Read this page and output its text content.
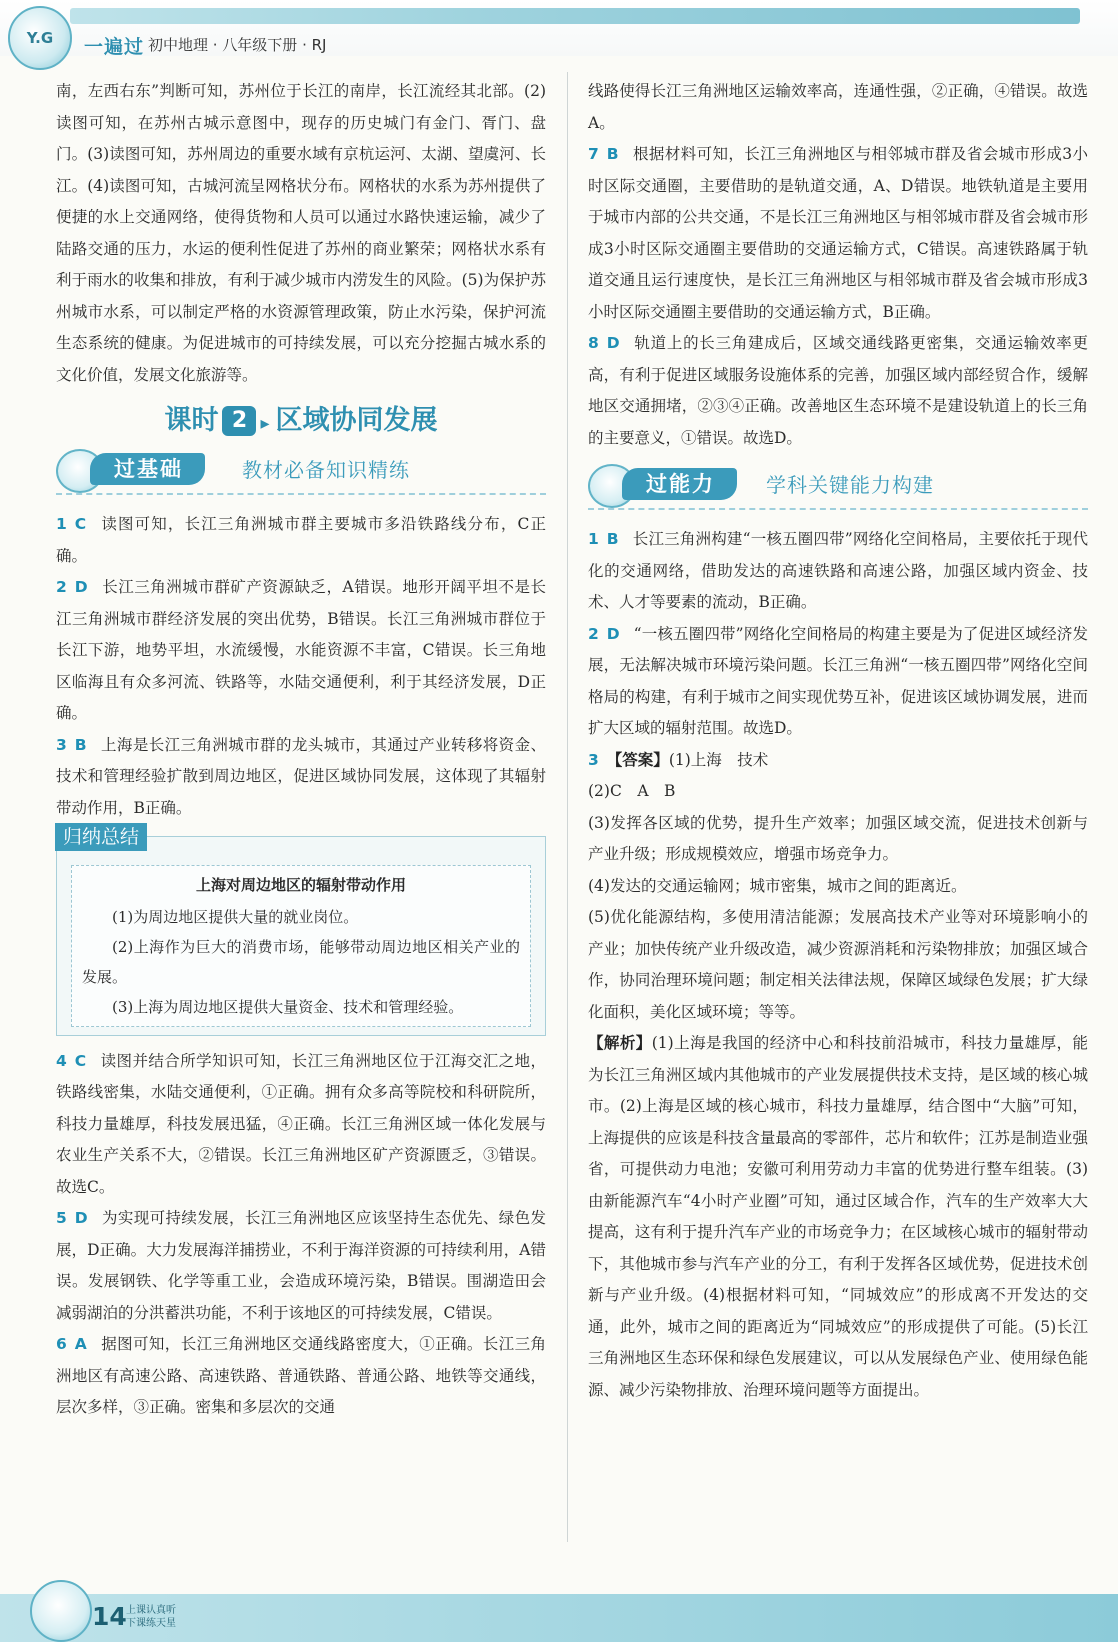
Y.G 一遍过 初中地理 · 八年级下册 · RJ

南，左西右东”判断可知，苏州位于长江的南岸，长江流经其北部。(2)读图可知，在苏州古城示意图中，现存的历史城门有金门、胥门、盘门。(3)读图可知，苏州周边的重要水域有京杭运河、太湖、望虞河、长江。(4)读图可知，古城河流呈网格状分布。网格状的水系为苏州提供了便捷的水上交通网络，使得货物和人员可以通过水路快速运输，减少了陆路交通的压力，水运的便利性促进了苏州的商业繁荣；网格状水系有利于雨水的收集和排放，有利于减少城市内涝发生的风险。(5)为保护苏州城市水系，可以制定严格的水资源管理政策，防止水污染，保护河流生态系统的健康。为促进城市的可持续发展，可以充分挖掘古城水系的文化价值，发展文化旅游等。

课时 2 ▸ 区域协同发展
过基础	教材必备知识精练

1 C 读图可知，长江三角洲城市群主要城市多沿铁路线分布，C正确。

2 D 长江三角洲城市群矿产资源缺乏，A错误。地形开阔平坦不是长江三角洲城市群经济发展的突出优势，B错误。长江三角洲城市群位于长江下游，地势平坦，水流缓慢，水能资源不丰富，C错误。长三角地区临海且有众多河流、铁路等，水陆交通便利，利于其经济发展，D正确。

3 B 上海是长江三角洲城市群的龙头城市，其通过产业转移将资金、技术和管理经验扩散到周边地区，促进区域协同发展，这体现了其辐射带动作用，B正确。

归纳总结
上海对周边地区的辐射带动作用

(1)为周边地区提供大量的就业岗位。

(2)上海作为巨大的消费市场，能够带动周边地区相关产业的发展。

(3)上海为周边地区提供大量资金、技术和管理经验。

4 C 读图并结合所学知识可知，长江三角洲地区位于江海交汇之地，铁路线密集，水陆交通便利，①正确。拥有众多高等院校和科研院所，科技力量雄厚，科技发展迅猛，④正确。长江三角洲区域一体化发展与农业生产关系不大，②错误。长江三角洲地区矿产资源匮乏，③错误。故选C。

5 D 为实现可持续发展，长江三角洲地区应该坚持生态优先、绿色发展，D正确。大力发展海洋捕捞业，不利于海洋资源的可持续利用，A错误。发展钢铁、化学等重工业，会造成环境污染，B错误。围湖造田会减弱湖泊的分洪蓄洪功能，不利于该地区的可持续发展，C错误。

6 A 据图可知，长江三角洲地区交通线路密度大，①正确。长江三角洲地区有高速公路、高速铁路、普通铁路、普通公路、地铁等交通线，层次多样，③正确。密集和多层次的交通

线路使得长江三角洲地区运输效率高，连通性强，②正确，④错误。故选A。

7 B 根据材料可知，长江三角洲地区与相邻城市群及省会城市形成3小时区际交通圈，主要借助的是轨道交通，A、D错误。地铁轨道是主要用于城市内部的公共交通，不是长江三角洲地区与相邻城市群及省会城市形成3小时区际交通圈主要借助的交通运输方式，C错误。高速铁路属于轨道交通且运行速度快，是长江三角洲地区与相邻城市群及省会城市形成3小时区际交通圈主要借助的交通运输方式，B正确。

8 D 轨道上的长三角建成后，区域交通线路更密集，交通运输效率更高，有利于促进区域服务设施体系的完善，加强区域内部经贸合作，缓解地区交通拥堵，②③④正确。改善地区生态环境不是建设轨道上的长三角的主要意义，①错误。故选D。

过能力	学科关键能力构建

1 B 长江三角洲构建“一核五圈四带”网络化空间格局，主要依托于现代化的交通网络，借助发达的高速铁路和高速公路，加强区域内资金、技术、人才等要素的流动，B正确。

2 D “一核五圈四带”网络化空间格局的构建主要是为了促进区域经济发展，无法解决城市环境污染问题。长江三角洲“一核五圈四带”网络化空间格局的构建，有利于城市之间实现优势互补，促进该区域协调发展，进而扩大区域的辐射范围。故选D。

3 【答案】(1)上海　技术

(2)C　A　B

(3)发挥各区域的优势，提升生产效率；加强区域交流，促进技术创新与产业升级；形成规模效应，增强市场竞争力。

(4)发达的交通运输网；城市密集，城市之间的距离近。

(5)优化能源结构，多使用清洁能源；发展高技术产业等对环境影响小的产业；加快传统产业升级改造，减少资源消耗和污染物排放；加强区域合作，协同治理环境问题；制定相关法律法规，保障区域绿色发展；扩大绿化面积，美化区域环境；等等。

【解析】(1)上海是我国的经济中心和科技前沿城市，科技力量雄厚，能为长江三角洲区域内其他城市的产业发展提供技术支持，是区域的核心城市。(2)上海是区域的核心城市，科技力量雄厚，结合图中“大脑”可知，上海提供的应该是科技含量最高的零部件，芯片和软件；江苏是制造业强省，可提供动力电池；安徽可利用劳动力丰富的优势进行整车组装。(3)由新能源汽车“4小时产业圈”可知，通过区域合作，汽车的生产效率大大提高，这有利于提升汽车产业的市场竞争力；在区域核心城市的辐射带动下，其他城市参与汽车产业的分工，有利于发挥各区域优势，促进技术创新与产业升级。(4)根据材料可知，“同城效应”的形成离不开发达的交通，此外，城市之间的距离近为“同城效应”的形成提供了可能。(5)长江三角洲地区生态环保和绿色发展建议，可以从发展绿色产业、使用绿色能源、减少污染物排放、治理环境问题等方面提出。

14 上课认真听
下课练天星
